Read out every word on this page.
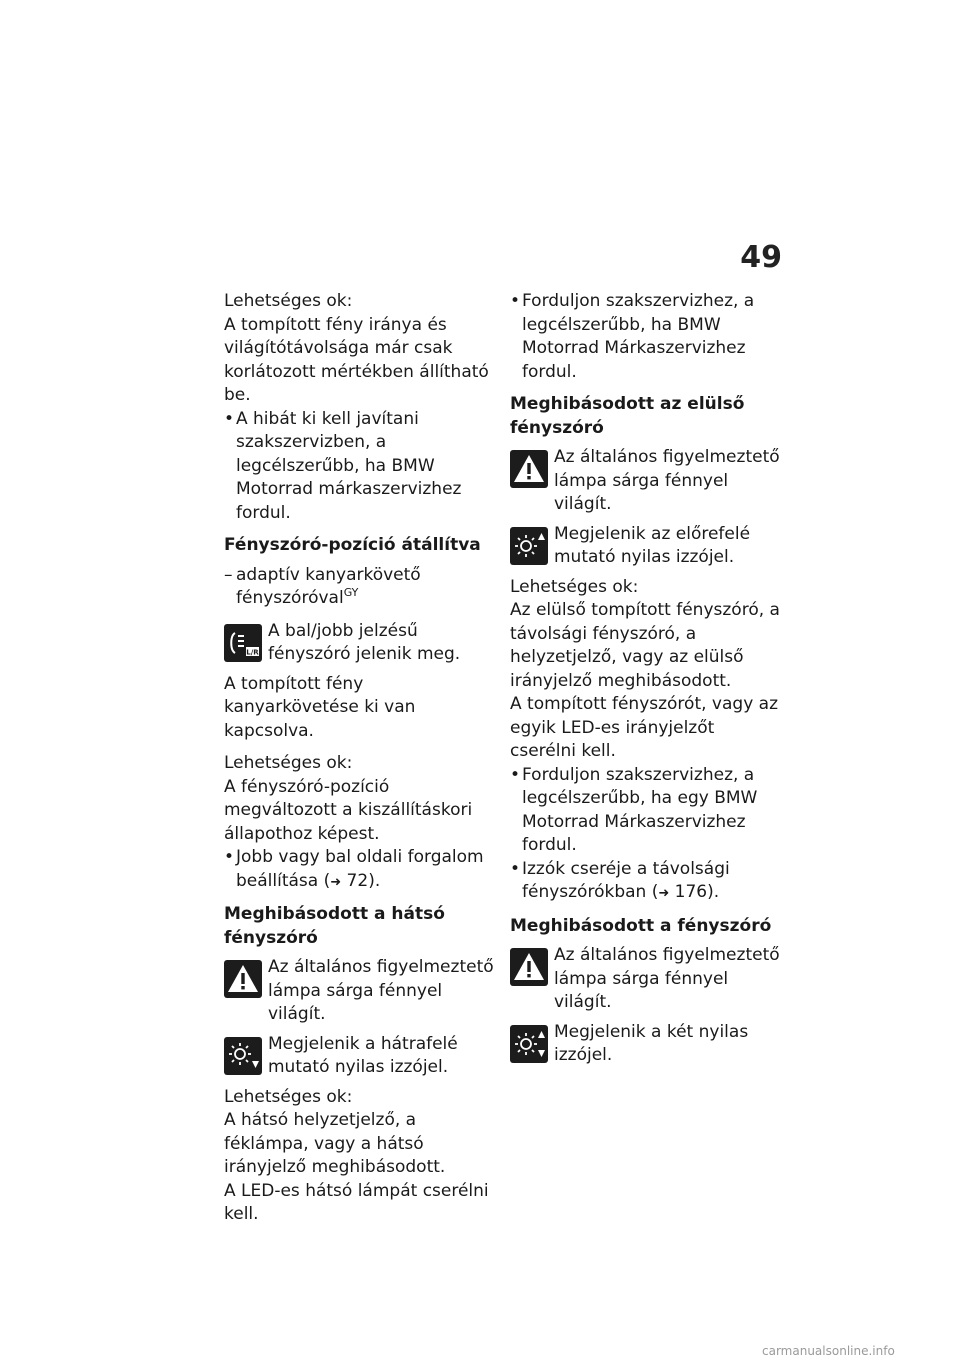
49
Lehetséges ok:
A tompított fény iránya és világítótávolsága már csak korlátozott mértékben állítható be.
• A hibát ki kell javítani szakszervizben, a legcélszerűbb, ha BMW Motorrad márkaszervizhez fordul.
Fényszóró-pozíció átállítva
– adaptív kanyarkövető fényszóróval$^{GY}$
L/R
A bal/jobb jelzésű fényszóró jelenik meg.
A tompított fény kanyarkövetése ki van kapcsolva.
Lehetséges ok:
A fényszóró-pozíció megváltozott a kiszállításkori állapothoz képest.
• Jobb vagy bal oldali forgalom beállítása (➜ 72).
Meghibásodott a hátsó fényszóró
Az általános figyelmeztető lámpa sárga fénnyel világít.
Megjelenik a hátrafelé mutató nyilas izzójel.
Lehetséges ok:
A hátsó helyzetjelző, a féklámpa, vagy a hátsó irányjelző meghibásodott.
A LED-es hátsó lámpát cserélni kell.
• Forduljon szakszervizhez, a legcélszerűbb, ha BMW Motorrad Márkaszervizhez fordul.
Meghibásodott az elülső fényszóró
Az általános figyelmeztető lámpa sárga fénnyel világít.
Megjelenik az előrefelé mutató nyilas izzójel.
Lehetséges ok:
Az elülső tompított fényszóró, a távolsági fényszóró, a helyzetjelző, vagy az elülső irányjelző meghibásodott.
A tompított fényszórót, vagy az egyik LED-es irányjelzőt cserélni kell.
• Forduljon szakszervizhez, a legcélszerűbb, ha egy BMW Motorrad Márkaszervizhez fordul.
• Izzók cseréje a távolsági fényszórókban (➜ 176).
Meghibásodott a fényszóró
Az általános figyelmeztető lámpa sárga fénnyel világít.
Megjelenik a két nyilas izzójel.
carmanualsonline.info
